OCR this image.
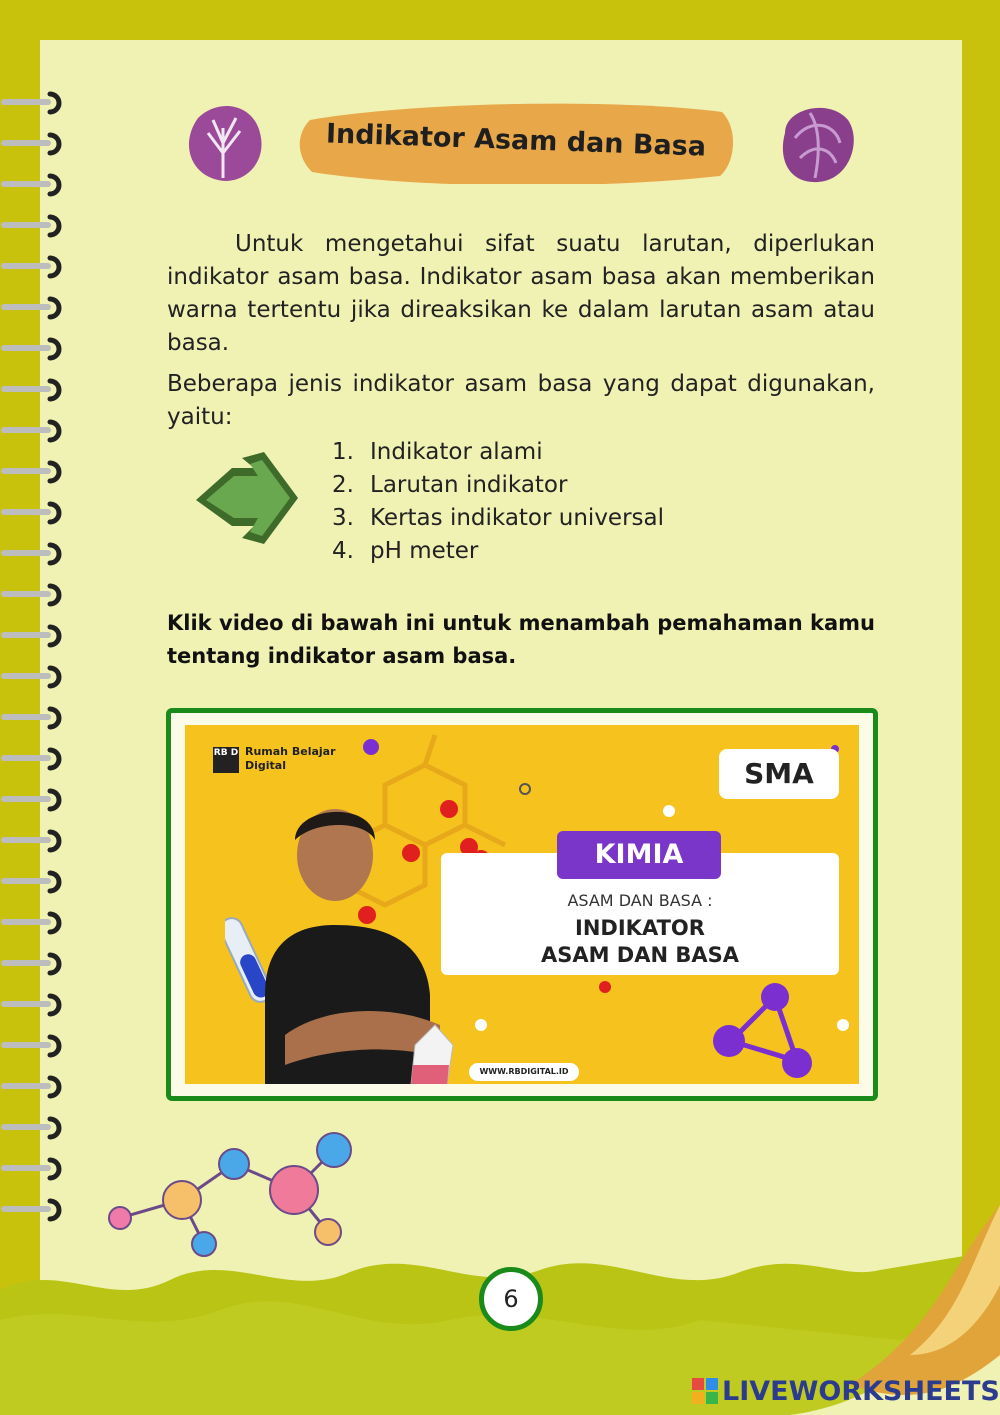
Indikator Asam dan Basa

Untuk mengetahui sifat suatu larutan, diperlukan indikator asam basa. Indikator asam basa akan memberikan warna tertentu jika direaksikan ke dalam larutan asam atau basa.

Beberapa jenis indikator asam basa yang dapat digunakan, yaitu:

1. Indikator alami
2. Larutan indikator
3. Kertas indikator universal
4. pH meter

Klik video di bawah ini untuk menambah pemahaman kamu tentang indikator asam basa.

RB D Rumah Belajar Digital	SMA
KIMIA
ASAM DAN BASA :
INDIKATOR
ASAM DAN BASA
WWW.RBDIGITAL.ID
6
LIVEWORKSHEETS
